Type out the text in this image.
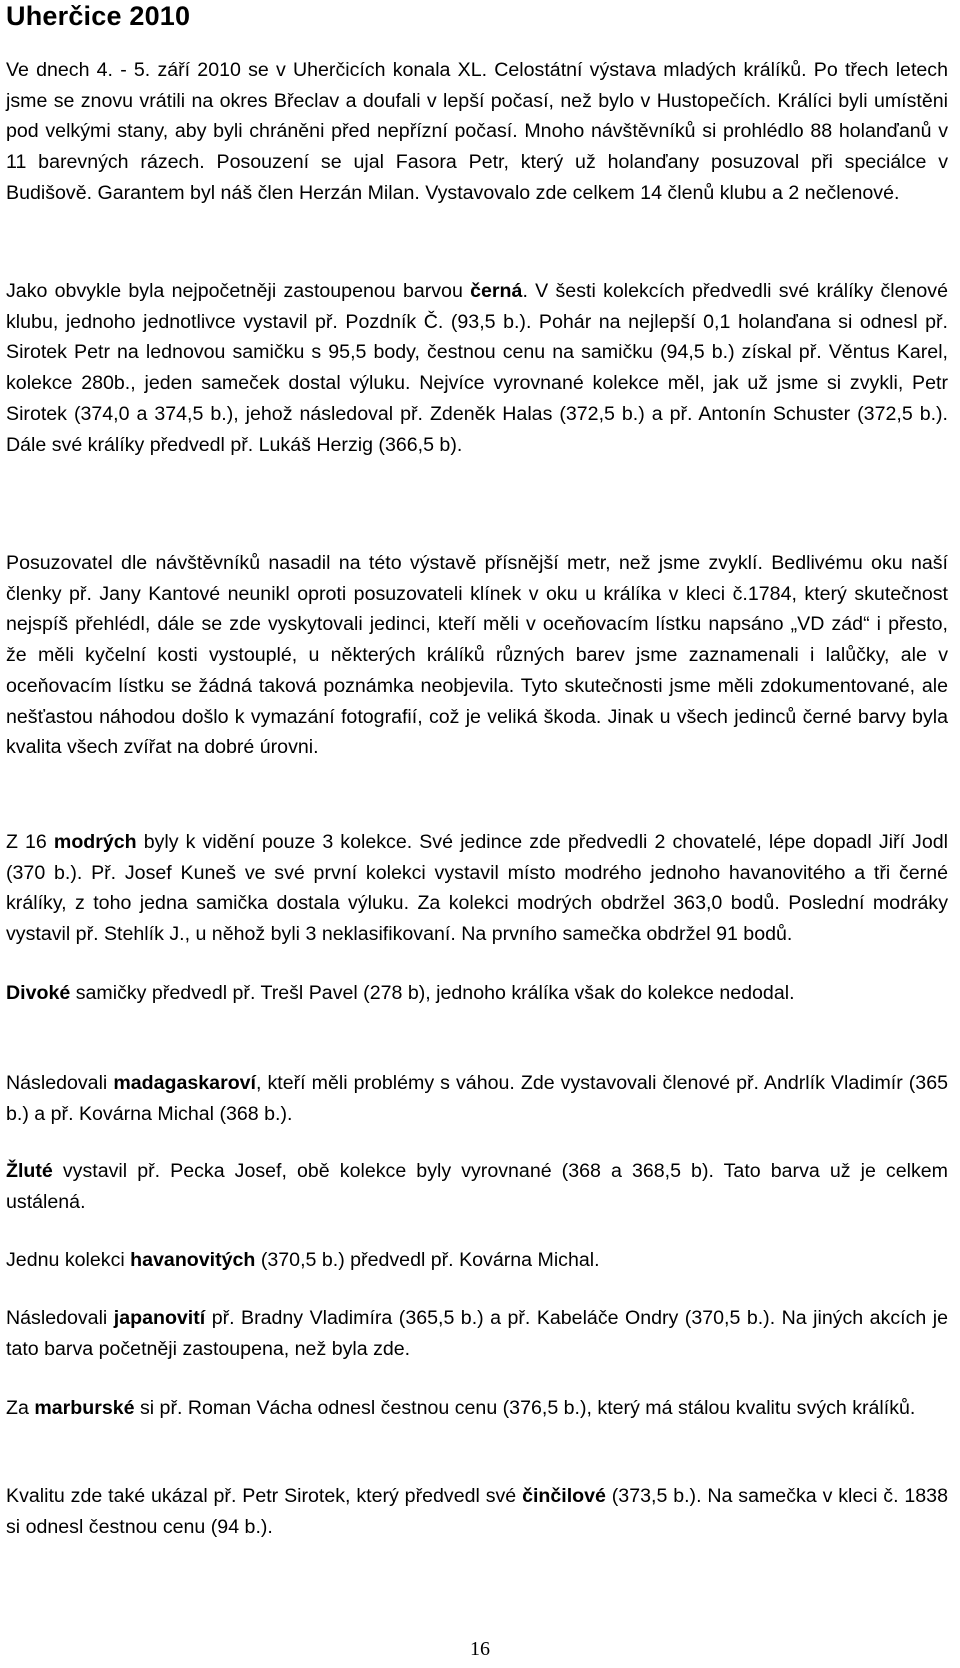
Uherčice 2010

Ve dnech 4. - 5. září 2010 se v Uherčicích konala XL. Celostátní výstava mladých králíků. Po třech letech jsme se znovu vrátili na okres Břeclav a doufali v lepší počasí, než bylo v Hustopečích. Králíci byli umístěni pod velkými stany, aby byli chráněni před nepřízní počasí. Mnoho návštěvníků si prohlédlo 88 holanďanů v 11 barevných rázech. Posouzení se ujal Fasora Petr, který už holanďany posuzoval při speciálce v Budišově. Garantem byl náš člen Herzán Milan. Vystavovalo zde celkem 14 členů klubu a 2 nečlenové.

Jako obvykle byla nejpočetněji zastoupenou barvou černá. V šesti kolekcích předvedli své králíky členové klubu, jednoho jednotlivce vystavil př. Pozdník Č. (93,5 b.). Pohár na nejlepší 0,1 holanďana si odnesl př. Sirotek Petr na lednovou samičku s 95,5 body, čestnou cenu na samičku (94,5 b.) získal př. Věntus Karel, kolekce 280b., jeden sameček dostal výluku. Nejvíce vyrovnané kolekce měl, jak už jsme si zvykli, Petr Sirotek (374,0 a 374,5 b.), jehož následoval př. Zdeněk Halas (372,5 b.) a př. Antonín Schuster (372,5 b.). Dále své králíky předvedl př. Lukáš Herzig (366,5 b).

Posuzovatel dle návštěvníků nasadil na této výstavě přísnější metr, než jsme zvyklí. Bedlivému oku naší členky př. Jany Kantové neunikl oproti posuzovateli klínek v oku u králíka v kleci č.1784, který skutečnost nejspíš přehlédl, dále se zde vyskytovali jedinci, kteří měli v oceňovacím lístku napsáno „VD zád“ i přesto, že měli kyčelní kosti vystouplé, u některých králíků různých barev jsme zaznamenali i lalůčky, ale v oceňovacím lístku se žádná taková poznámka neobjevila. Tyto skutečnosti jsme měli zdokumentované, ale nešťastou náhodou došlo k vymazání fotografií, což je veliká škoda. Jinak u všech jedinců černé barvy byla kvalita všech zvířat na dobré úrovni.

Z 16 modrých byly k vidění pouze 3 kolekce. Své jedince zde předvedli 2 chovatelé, lépe dopadl Jiří Jodl (370 b.). Př. Josef Kuneš ve své první kolekci vystavil místo modrého jednoho havanovitého a tři černé králíky, z toho jedna samička dostala výluku. Za kolekci modrých obdržel 363,0 bodů. Poslední modráky vystavil př. Stehlík J., u něhož byli 3 neklasifikovaní. Na prvního samečka obdržel 91 bodů.

Divoké samičky předvedl př. Trešl Pavel (278 b), jednoho králíka však do kolekce nedodal.

Následovali madagaskaroví, kteří měli problémy s váhou. Zde vystavovali členové př. Andrlík Vladimír (365 b.) a př. Kovárna Michal (368 b.).

Žluté vystavil př. Pecka Josef, obě kolekce byly vyrovnané (368 a 368,5 b). Tato barva už je celkem ustálená.

Jednu kolekci havanovitých (370,5 b.) předvedl př. Kovárna Michal.

Následovali japanovití př. Bradny Vladimíra (365,5 b.) a př. Kabeláče Ondry (370,5 b.). Na jiných akcích je tato barva početněji zastoupena, než byla zde.

Za marburské si př. Roman Vácha odnesl čestnou cenu (376,5 b.), který má stálou kvalitu svých králíků.

Kvalitu zde také ukázal př. Petr Sirotek, který předvedl své činčilové (373,5 b.). Na samečka v kleci č. 1838 si odnesl čestnou cenu (94 b.).

16
